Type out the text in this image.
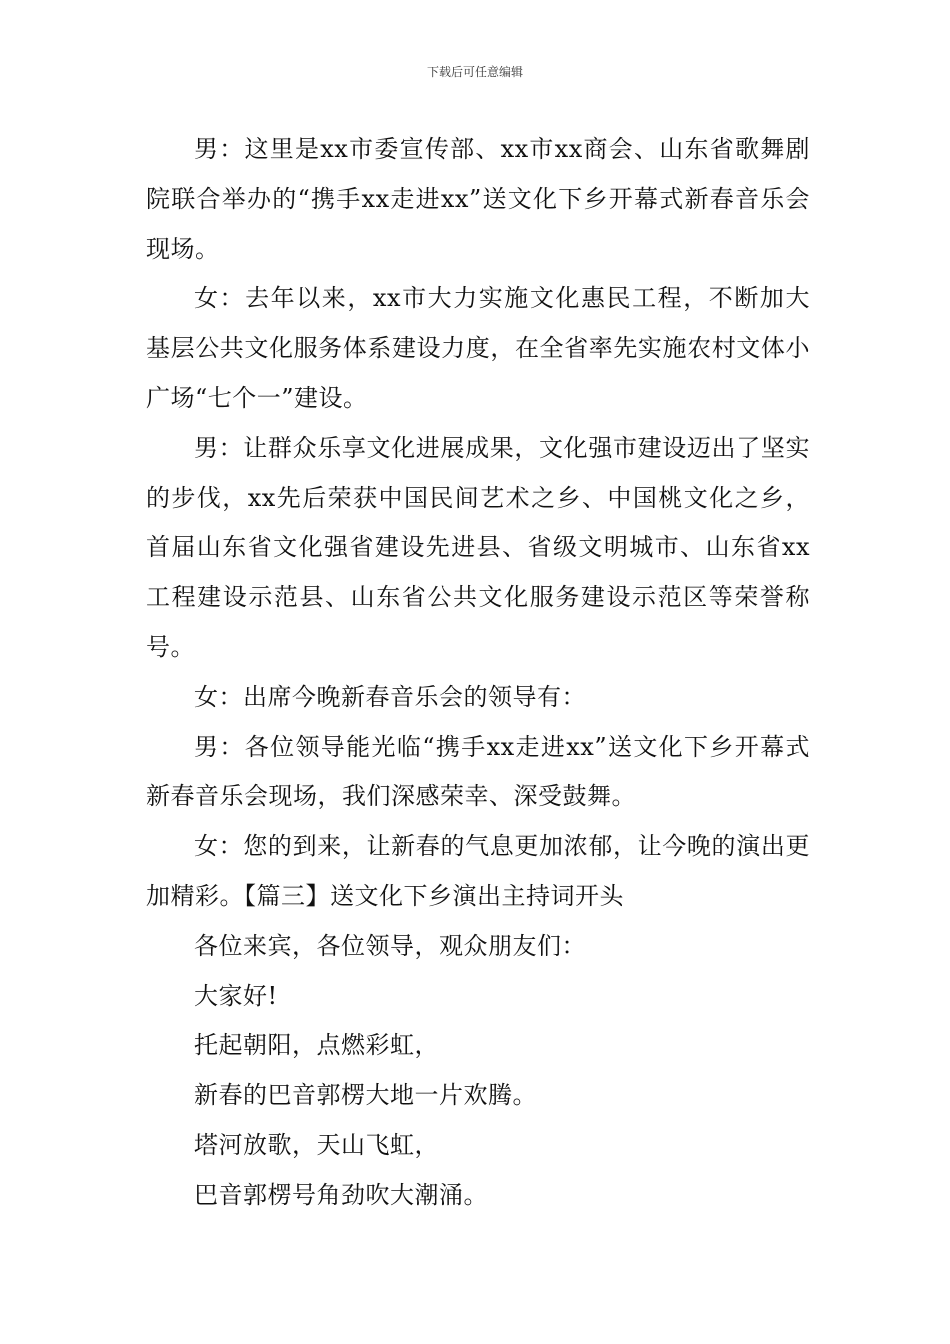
下载后可任意编辑

男：这里是xx市委宣传部、xx市xx商会、山东省歌舞剧院联合举办的“携手xx走进xx”送文化下乡开幕式新春音乐会现场。

女：去年以来，xx市大力实施文化惠民工程，不断加大基层公共文化服务体系建设力度，在全省率先实施农村文体小广场“七个一”建设。

男：让群众乐享文化进展成果，文化强市建设迈出了坚实的步伐，xx先后荣获中国民间艺术之乡、中国桃文化之乡，首届山东省文化强省建设先进县、省级文明城市、山东省xx工程建设示范县、山东省公共文化服务建设示范区等荣誉称号。

女：出席今晚新春音乐会的领导有：

男：各位领导能光临“携手xx走进xx”送文化下乡开幕式新春音乐会现场，我们深感荣幸、深受鼓舞。

女：您的到来，让新春的气息更加浓郁，让今晚的演出更加精彩。【篇三】送文化下乡演出主持词开头

各位来宾，各位领导，观众朋友们：

大家好!

托起朝阳，点燃彩虹，

新春的巴音郭楞大地一片欢腾。

塔河放歌，天山飞虹，

巴音郭楞号角劲吹大潮涌。
